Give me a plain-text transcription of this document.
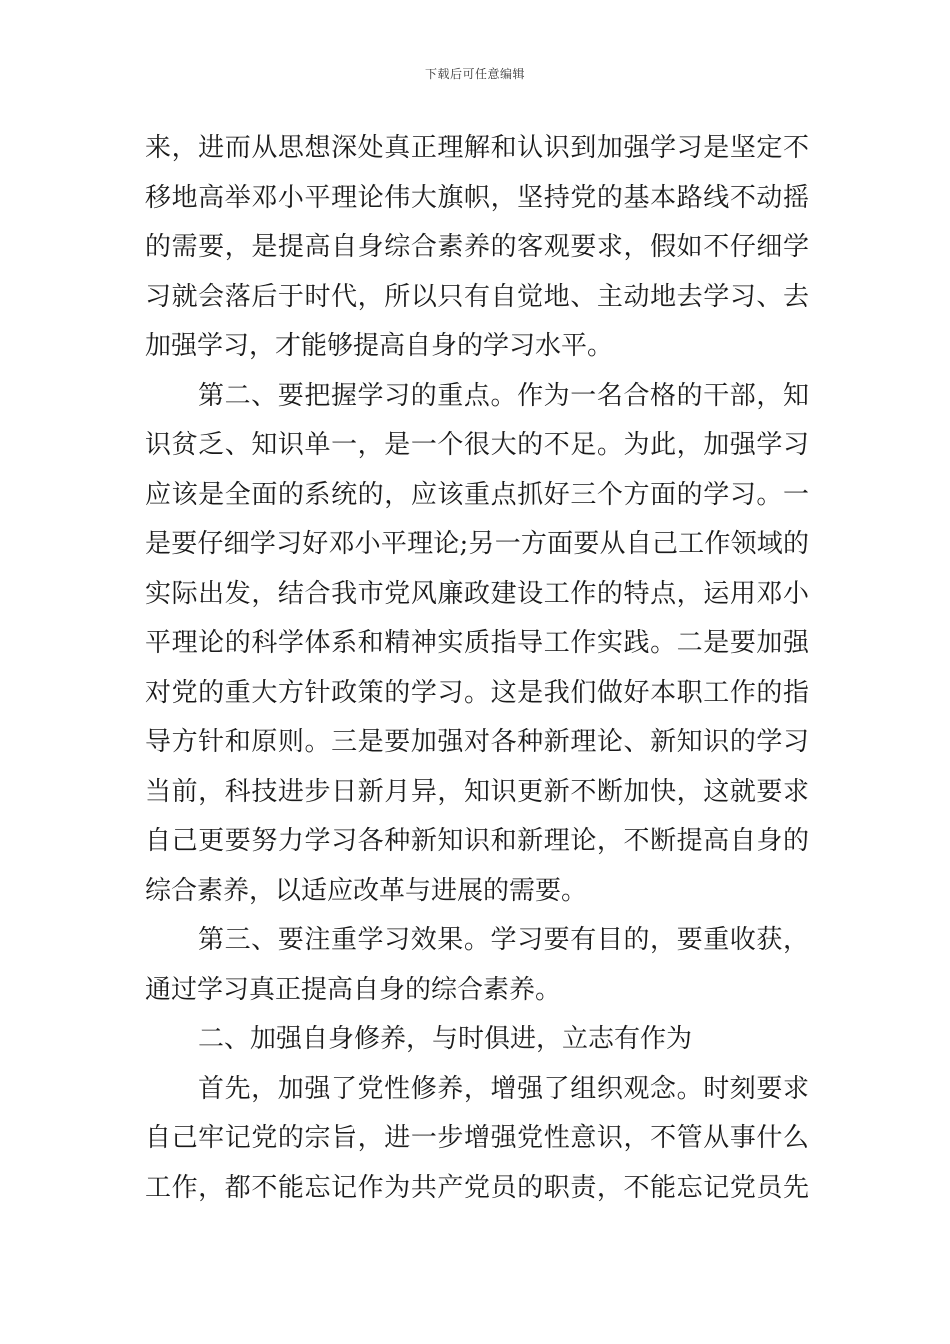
下载后可任意编辑
来，进而从思想深处真正理解和认识到加强学习是坚定不
移地高举邓小平理论伟大旗帜，坚持党的基本路线不动摇
的需要，是提高自身综合素养的客观要求，假如不仔细学
习就会落后于时代，所以只有自觉地、主动地去学习、去
加强学习，才能够提高自身的学习水平。
第二、要把握学习的重点。作为一名合格的干部，知
识贫乏、知识单一，是一个很大的不足。为此，加强学习
应该是全面的系统的，应该重点抓好三个方面的学习。一
是要仔细学习好邓小平理论;另一方面要从自己工作领域的
实际出发，结合我市党风廉政建设工作的特点，运用邓小
平理论的科学体系和精神实质指导工作实践。二是要加强
对党的重大方针政策的学习。这是我们做好本职工作的指
导方针和原则。三是要加强对各种新理论、新知识的学习
当前，科技进步日新月异，知识更新不断加快，这就要求
自己更要努力学习各种新知识和新理论，不断提高自身的
综合素养，以适应改革与进展的需要。
第三、要注重学习效果。学习要有目的，要重收获，
通过学习真正提高自身的综合素养。
二、加强自身修养，与时俱进，立志有作为
首先，加强了党性修养，增强了组织观念。时刻要求
自己牢记党的宗旨，进一步增强党性意识，不管从事什么
工作，都不能忘记作为共产党员的职责，不能忘记党员先
